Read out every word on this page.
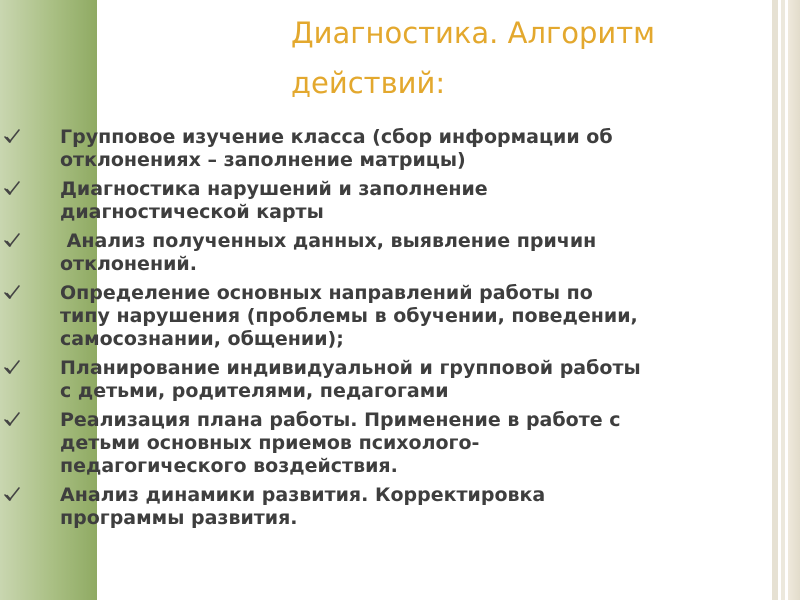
Диагностика. Алгоритм
действий:
Групповое изучение класса (сбор информации об
отклонениях – заполнение матрицы)
Диагностика нарушений и заполнение
диагностической карты
Анализ полученных данных, выявление причин
отклонений.
Определение основных направлений работы по
типу нарушения (проблемы в обучении, поведении,
самосознании, общении);
Планирование индивидуальной и групповой работы
с детьми, родителями, педагогами
Реализация плана работы. Применение в работе с
детьми основных приемов психолого-
педагогического воздействия.
Анализ динамики развития. Корректировка
программы развития.
